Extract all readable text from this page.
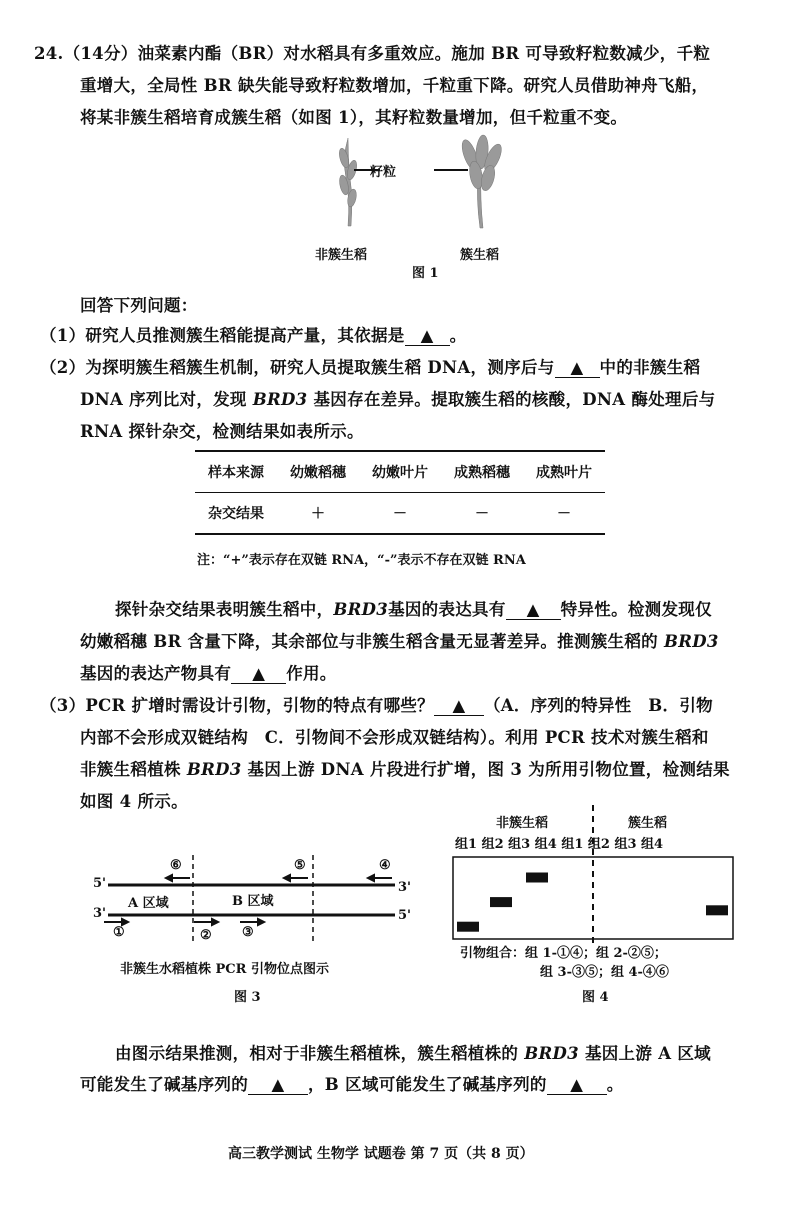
24.（14分）油菜素内酯（BR）对水稻具有多重效应。施加 BR 可导致籽粒数减少，千粒
重增大，全局性 BR 缺失能导致籽粒数增加，千粒重下降。研究人员借助神舟飞船，
将某非簇生稻培育成簇生稻（如图 1），其籽粒数量增加，但千粒重不变。
籽粒
非簇生稻	簇生稻
图 1
回答下列问题：
（1）研究人员推测簇生稻能提高产量，其依据是 ▲ 。
（2）为探明簇生稻簇生机制，研究人员提取簇生稻 DNA，测序后与 ▲ 中的非簇生稻
DNA 序列比对，发现 BRD3 基因存在差异。提取簇生稻的核酸，DNA 酶处理后与
RNA 探针杂交，检测结果如表所示。
样本来源	幼嫩稻穗	幼嫩叶片	成熟稻穗	成熟叶片
杂交结果	＋	－	－	－
注：“+”表示存在双链 RNA，“-”表示不存在双链 RNA
探针杂交结果表明簇生稻中，BRD3基因的表达具有 ▲ 特异性。检测发现仅
幼嫩稻穗 BR 含量下降，其余部位与非簇生稻含量无显著差异。推测簇生稻的 BRD3
基因的表达产物具有 ▲ 作用。
（3）PCR 扩增时需设计引物，引物的特点有哪些？ ▲ （A．序列的特异性　B．引物
内部不会形成双链结构　C．引物间不会形成双链结构）。利用 PCR 技术对簇生稻和
非簇生稻植株 BRD3 基因上游 DNA 片段进行扩增，图 3 为所用引物位置，检测结果
如图 4 所示。
⑥	⑤	④
5'	3'
3'	5'
A 区域	B 区域
①	② ③
非簇生水稻植株 PCR 引物位点图示
图 3
非簇生稻	簇生稻
组1 组2 组3 组4 组1 组2 组3 组4
引物组合：组 1-①④；组 2-②⑤；
组 3-③⑤；组 4-④⑥
图 4
由图示结果推测，相对于非簇生稻植株，簇生稻植株的 BRD3 基因上游 A 区域
可能发生了碱基序列的 ▲ ，B 区域可能发生了碱基序列的 ▲ 。
高三教学测试 生物学 试题卷 第 7 页（共 8 页）
